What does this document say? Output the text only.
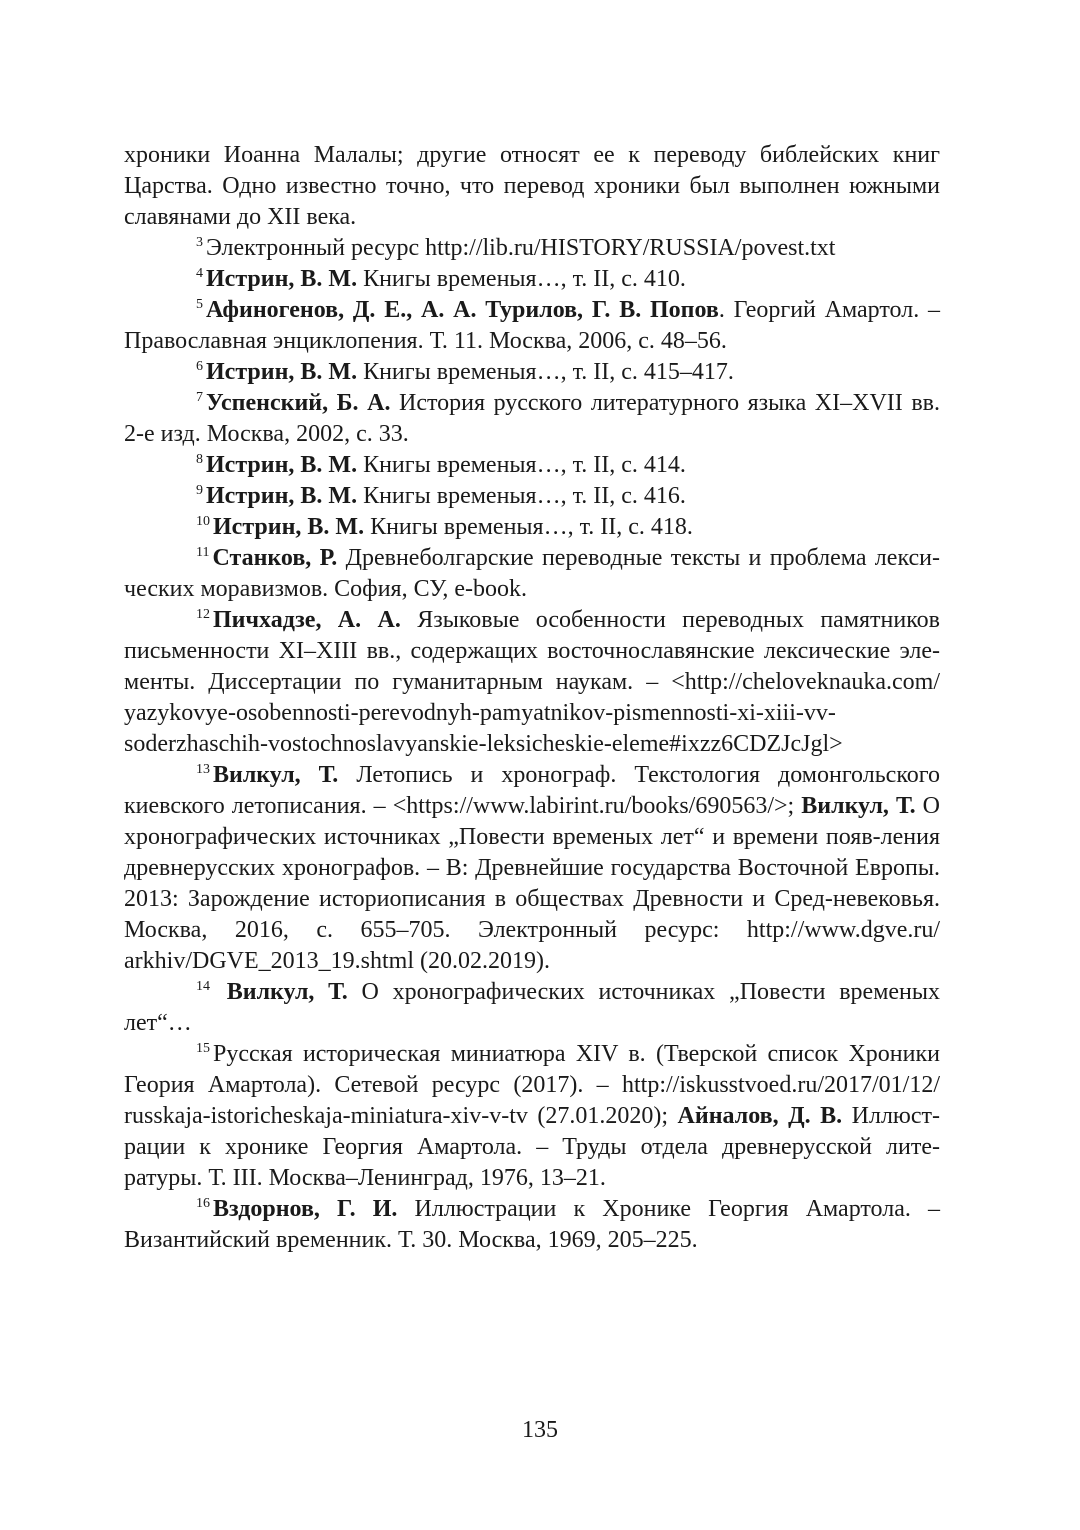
хроники Иоанна Малалы; другие относят ее к переводу библейских книг Царства. Одно известно точно, что перевод хроники был выполнен южными славянами до XII века.

$^3$ Электронный ресурс http://lib.ru/HISTORY/RUSSIA/povest.txt

$^4$ Истрин, В. М. Книгы временыя…, т. II, с. 410.

$^5$ Афиногенов, Д. Е., А. А. Турилов, Г. В. Попов. Георгий Амартол. – Православная энциклопения. Т. 11. Москва, 2006, с. 48–56.

$^6$ Истрин, В. М. Книгы временыя…, т. II, с. 415–417.

$^7$ Успенский, Б. А. История русского литературного языка XI–XVII вв. 2-е изд. Москва, 2002, с. 33.

$^8$ Истрин, В. М. Книгы временыя…, т. II, с. 414.

$^9$ Истрин, В. М. Книгы временыя…, т. II, с. 416.

$^{10}$ Истрин, В. М. Книгы временыя…, т. II, с. 418.

$^{11}$ Станков, Р. Древнеболгарские переводные тексты и проблема лекси-ческих моравизмов. София, СУ, e-book.

$^{12}$ Пичхадзе, А. А. Языковые особенности переводных памятников письменности XI–XIII вв., содержащих восточнославянские лексические эле-менты. Диссертации по гуманитарным наукам. – <http://cheloveknauka.com/ yazykovye-osobennosti-perevodnyh-pamyatnikov-pismennosti-xi-xiii-vv-soderzhaschih-vostochnoslavyanskie-leksicheskie-eleme#ixzz6CDZJcJgl>

$^{13}$ Вилкул, Т. Летопись и хронограф. Текстология домонгольского киевского летописания. – <https://www.labirint.ru/books/690563/>; Вилкул, Т. О хронографических источниках „Повести временых лет“ и времени появ-ления древнерусских хронографов. – В: Древнейшие государства Восточной Европы. 2013: Зарождение историописания в обществах Древности и Сред-невековья. Москва, 2016, с. 655–705. Электронный ресурс: http://www.dgve.ru/ arkhiv/DGVE_2013_19.shtml (20.02.2019).

$^{14}$ Вилкул, Т. О хронографических источниках „Повести временых лет“…

$^{15}$ Русская историческая миниатюра XIV в. (Тверской список Хроники Геория Амартола). Сетевой ресурс (2017). – http://iskusstvoed.ru/2017/01/12/ russkaja-istoricheskaja-miniatura-xiv-v-tv (27.01.2020); Айналов, Д. В. Иллюст-рации к хронике Георгия Амартола. – Труды отдела древнерусской лите-ратуры. Т. III. Москва–Ленинград, 1976, 13–21.

$^{16}$ Вздорнов, Г. И. Иллюстрации к Хронике Георгия Амартола. – Византийский временник. Т. 30. Москва, 1969, 205–225.

135
